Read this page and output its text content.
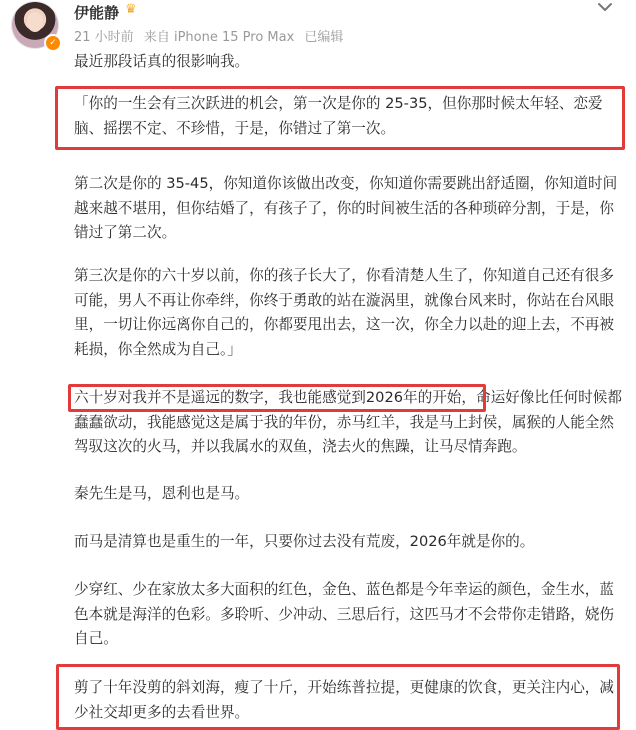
✓
伊能静 ♛
21 小时前 来自 iPhone 15 Pro Max 已编辑

最近那段话真的很影响我。

「你的一生会有三次跃进的机会，第一次是你的 25-35，但你那时候太年轻、恋爱脑、摇摆不定、不珍惜，于是，你错过了第一次。

第二次是你的 35-45，你知道你该做出改变，你知道你需要跳出舒适圈，你知道时间越来越不堪用，但你结婚了，有孩子了，你的时间被生活的各种琐碎分割，于是，你错过了第二次。

第三次是你的六十岁以前，你的孩子长大了，你看清楚人生了，你知道自己还有很多可能，男人不再让你牵绊，你终于勇敢的站在漩涡里，就像台风来时，你站在台风眼里，一切让你远离你自己的，你都要甩出去，这一次，你全力以赴的迎上去，不再被耗损，你全然成为自己。」

六十岁对我并不是遥远的数字，我也能感觉到2026年的开始，命运好像比任何时候都蠢蠢欲动，我能感觉这是属于我的年份，赤马红羊，我是马上封侯，属猴的人能全然驾驭这次的火马，并以我属水的双鱼，浇去火的焦躁，让马尽情奔跑。

秦先生是马，恩利也是马。

而马是清算也是重生的一年，只要你过去没有荒废，2026年就是你的。

少穿红、少在家放太多大面积的红色，金色、蓝色都是今年幸运的颜色，金生水，蓝色本就是海洋的色彩。多聆听、少冲动、三思后行，这匹马才不会带你走错路，娆伤自己。

剪了十年没剪的斜刘海，瘦了十斤，开始练普拉提，更健康的饮食，更关注内心，减少社交却更多的去看世界。
